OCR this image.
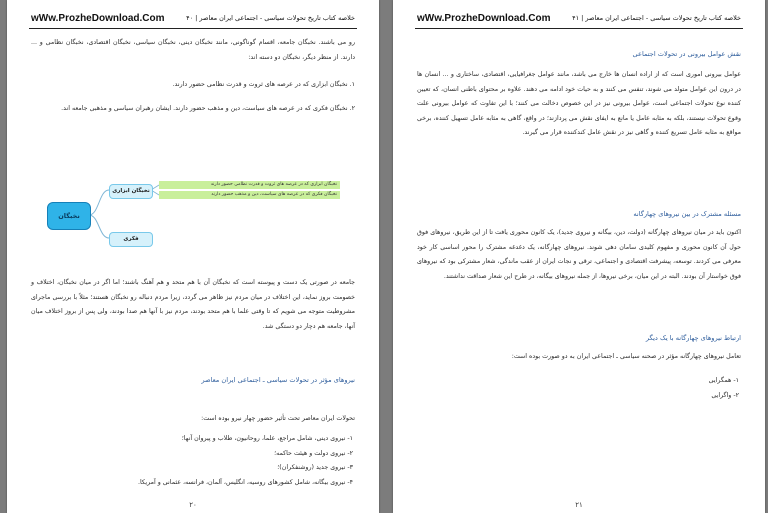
wWw.ProzheDownload.Com	خلاصه کتاب تاریخ تحولات سیاسی - اجتماعی ایران معاصر | ۴۰
رو می باشند. نخبگان جامعه، اقسام گوناگونی، مانند نخبگان دینی، نخبگان سیاسی، نخبگان اقتصادی، نخبگان نظامی و ... دارند. از منظر دیگر، نخبگان دو دسته اند:
۱. نخبگان ابزاری که در عرصه های ثروت و قدرت نظامی حضور دارند.
۲. نخبگان فکری که در عرصه های سیاست، دین و مذهب حضور دارند. ایشان رهبران سیاسی و مذهبی جامعه اند.
نخبگان
نخبگان ابزاری
فکری
نخبگان ابزاری که در عرصه های ثروت و قدرت نظامی حضور دارند
نخبگان فکری که در عرصه های سیاست، دین و مذهب حضور دارند
جامعه در صورتی یک دست و پیوسته است که نخبگان آن با هم متحد و هم آهنگ باشند؛ اما اگر در میان نخبگان، اختلاف و خصومت بروز نماید، این اختلاف در میان مردم نیز ظاهر می گردد، زیرا مردم دنباله رو نخبگان هستند؛ مثلاً با بررسی ماجرای مشروطیت متوجه می شویم که تا وقتی علما با هم متحد بودند، مردم نیز با آنها هم صدا بودند، ولی پس از بروز اختلاف میان آنها، جامعه هم دچار دو دستگی شد.
نیروهای مؤثر در تحولات سیاسی ـ اجتماعی ایران معاصر
تحولات ایران معاصر تحت تأثیر حضور چهار نیرو بوده است:
۱- نیروی دینی، شامل مراجع، علما، روحانیون، طلاب و پیروان آنها؛
۲- نیروی دولت و هیئت حاکمه؛
۳- نیروی جدید (روشنفکران)؛
۴- نیروی بیگانه، شامل کشورهای روسیه، انگلیس، آلمان، فرانسه، عثمانی و آمریکا.
۲۰
wWw.ProzheDownload.Com	خلاصه کتاب تاریخ تحولات سیاسی - اجتماعی ایران معاصر | ۴۱
نقش عوامل بیرونی در تحولات اجتماعی
عوامل بیرونی اموری است که از اراده انسان ها خارج می باشد، مانند عوامل جغرافیایی، اقتصادی، ساختاری و ... انسان ها در درون این عوامل متولد می شوند، تنفس می کنند و به حیات خود ادامه می دهند. علاوه بر محتوای باطنی انسان، که تعیین کننده نوع تحولات اجتماعی است، عوامل بیرونی نیز در این خصوص دخالت می کنند؛ با این تفاوت که عوامل بیرونی علت وقوع تحولات نیستند، بلکه به مثابه عامل یا مانع به ایفای نقش می پردازند؛ در واقع، گاهی به مثابه عامل تسهیل کننده، برخی مواقع به مثابه عامل تسریع کننده و گاهی نیز در نقش عامل کندکننده قرار می گیرند.
مسئله مشترک در بین نیروهای چهارگانه
اکنون باید در میان نیروهای چهارگانه (دولت، دین، بیگانه و نیروی جدید)، یک کانون محوری یافت تا از این طریق، نیروهای فوق حول آن کانون محوری و مفهوم کلیدی سامان دهی شوند. نیروهای چهارگانه، یک دغدغه مشترک را محور اساسی کار خود معرفی می کردند. توسعه، پیشرفت اقتصادی و اجتماعی، ترقی و نجات ایران از عقب ماندگی، شعار مشترکی بود که نیروهای فوق خواستار آن بودند. البته در این میان، برخی نیروها، از جمله نیروهای بیگانه، در طرح این شعار صداقت نداشتند.
ارتباط نیروهای چهارگانه با یک دیگر
تعامل نیروهای چهارگانه مؤثر در صحنه سیاسی ـ اجتماعی ایران به دو صورت بوده است:
۱- همگرایی
۲- واگرایی
۲۱
